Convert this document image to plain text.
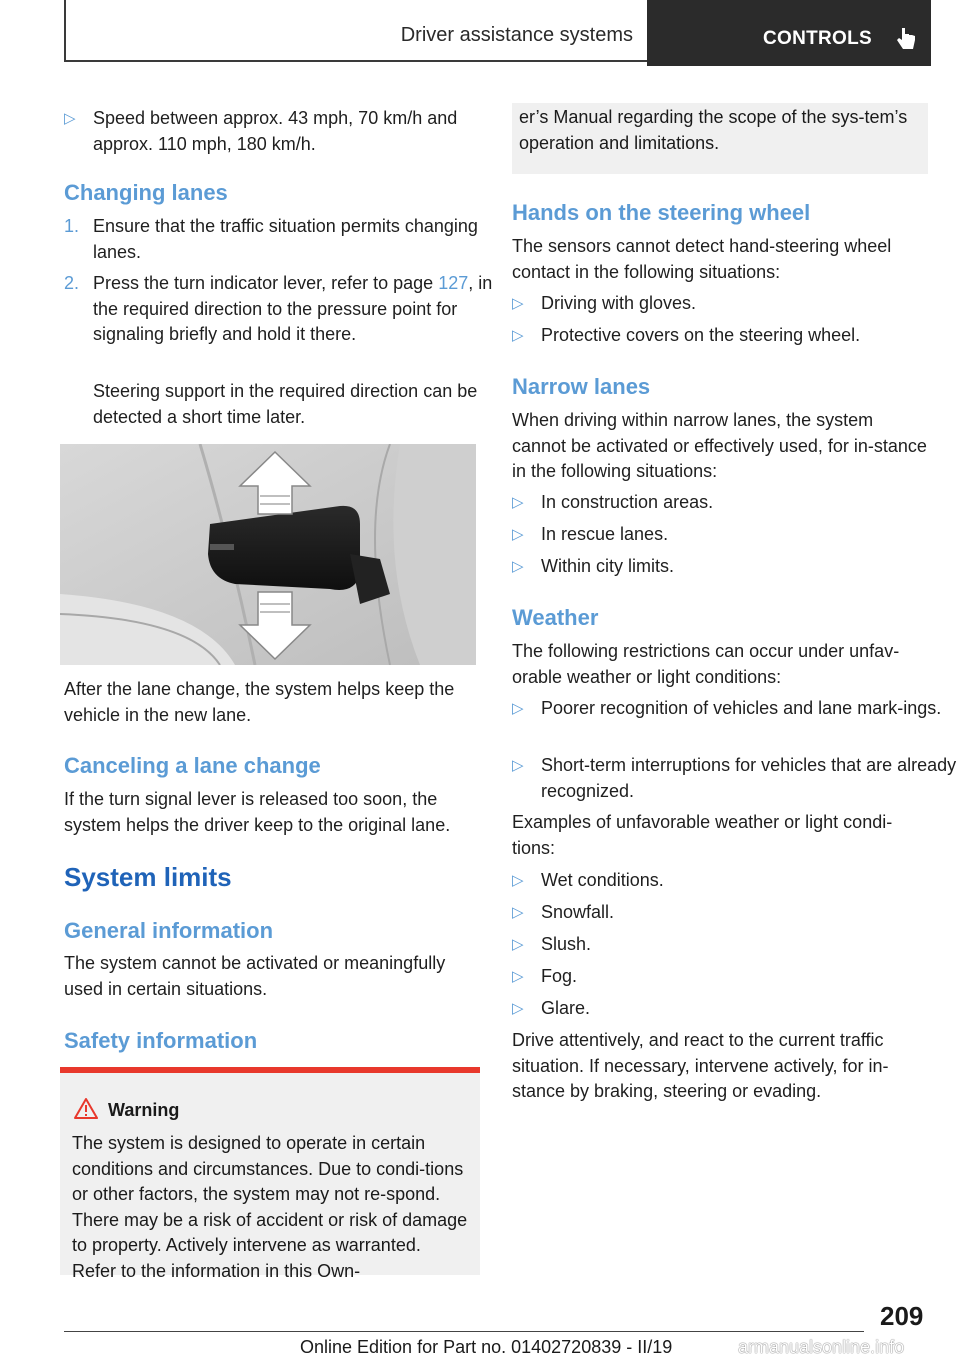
Driver assistance systems	CONTROLS
▷ Speed between approx. 43 mph, 70 km/h and approx. 110 mph, 180 km/h.
Changing lanes
1. Ensure that the traffic situation permits changing lanes.
2. Press the turn indicator lever, refer to page 127, in the required direction to the pressure point for signaling briefly and hold it there.
Steering support in the required direction can be detected a short time later.
After the lane change, the system helps keep the vehicle in the new lane.
Canceling a lane change
If the turn signal lever is released too soon, the system helps the driver keep to the original lane.
System limits
General information
The system cannot be activated or meaningfully used in certain situations.
Safety information
Warning
The system is designed to operate in certain conditions and circumstances. Due to condi-tions or other factors, the system may not re-spond. There may be a risk of accident or risk of damage to property. Actively intervene as warranted. Refer to the information in this Own-
er’s Manual regarding the scope of the sys-tem’s operation and limitations.
Hands on the steering wheel
The sensors cannot detect hand-steering wheel contact in the following situations:
▷ Driving with gloves.
▷ Protective covers on the steering wheel.
Narrow lanes
When driving within narrow lanes, the system cannot be activated or effectively used, for in-stance in the following situations:
▷ In construction areas.
▷ In rescue lanes.
▷ Within city limits.
Weather
The following restrictions can occur under unfav-orable weather or light conditions:
▷ Poorer recognition of vehicles and lane mark-ings.
▷ Short-term interruptions for vehicles that are already recognized.
Examples of unfavorable weather or light condi-tions:
▷ Wet conditions.
▷ Snowfall.
▷ Slush.
▷ Fog.
▷ Glare.
Drive attentively, and react to the current traffic situation. If necessary, intervene actively, for in-stance by braking, steering or evading.
209
Online Edition for Part no. 01402720839 - II/19	armanualsonline.info
